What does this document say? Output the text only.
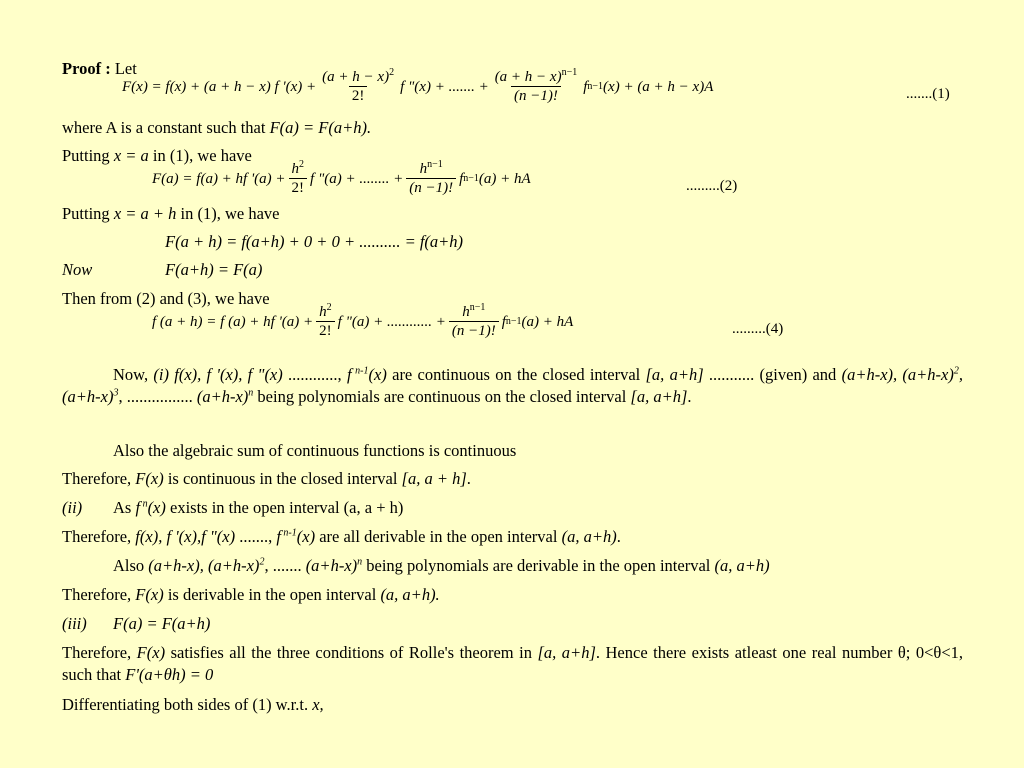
Proof : Let
F(x) = f(x) + (a + h − x) f '$(x) + \frac{(a + h - x)^2}{2!}$ f "(x) + ....... + $\frac{(a + h - x)^{n-1}}{(n -1)!}$ f n−1 (x) + (a + h − x)A	.......(1)
where A is a constant such that F(a) = F(a+h).
Putting x = a in (1), we have
F(a) = f(a) + hf '$(a) + \frac{h^2}{2!}$ f "(a) + ........ + $\frac{h^{n-1}}{(n -1)!}$ f n−1 (a) + hA	.........(2)
Putting x = a + h in (1), we have
F(a + h) = f(a+h) + 0 + 0 + .......... = f(a+h)
Now	F(a+h) = F(a)
Then from (2) and (3), we have
f (a + h) = f (a) + hf '$(a) + \frac{h^2}{2!}$ f "(a) + ............ + $\frac{h^{n-1}}{(n -1)!}$ f n−1 (a) + hA	.........(4)
Now, (i) f(x), f '(x), f "(x) ............, f $^{n-1}$(x) are continuous on the closed interval [a, a+h] ........... (given) and (a+h-x), $(a+h-x)^2$, $(a+h-x)^3$, ................ $(a+h-x)^n$ being polynomials are continuous on the closed interval [a, a+h].
Also the algebraic sum of continuous functions is continuous
Therefore, F(x) is continuous in the closed interval [a, a + h].
(ii) As f $^n$(x) exists in the open interval (a, a + h)
Therefore, f(x), f '(x),f "(x) ......., f $^{n-1}$(x) are all derivable in the open interval (a, a+h).
Also (a+h-x), $(a+h-x)^2$, ....... $(a+h-x)^n$ being polynomials are derivable in the open interval (a, a+h)
Therefore, F(x) is derivable in the open interval (a, a+h).
(iii) F(a) = F(a+h)
Therefore, F(x) satisfies all the three conditions of Rolle's theorem in [a, a+h]. Hence there exists atleast one real number θ; 0<θ<1, such that F'(a+θh) = 0
Differentiating both sides of (1) w.r.t. x,
